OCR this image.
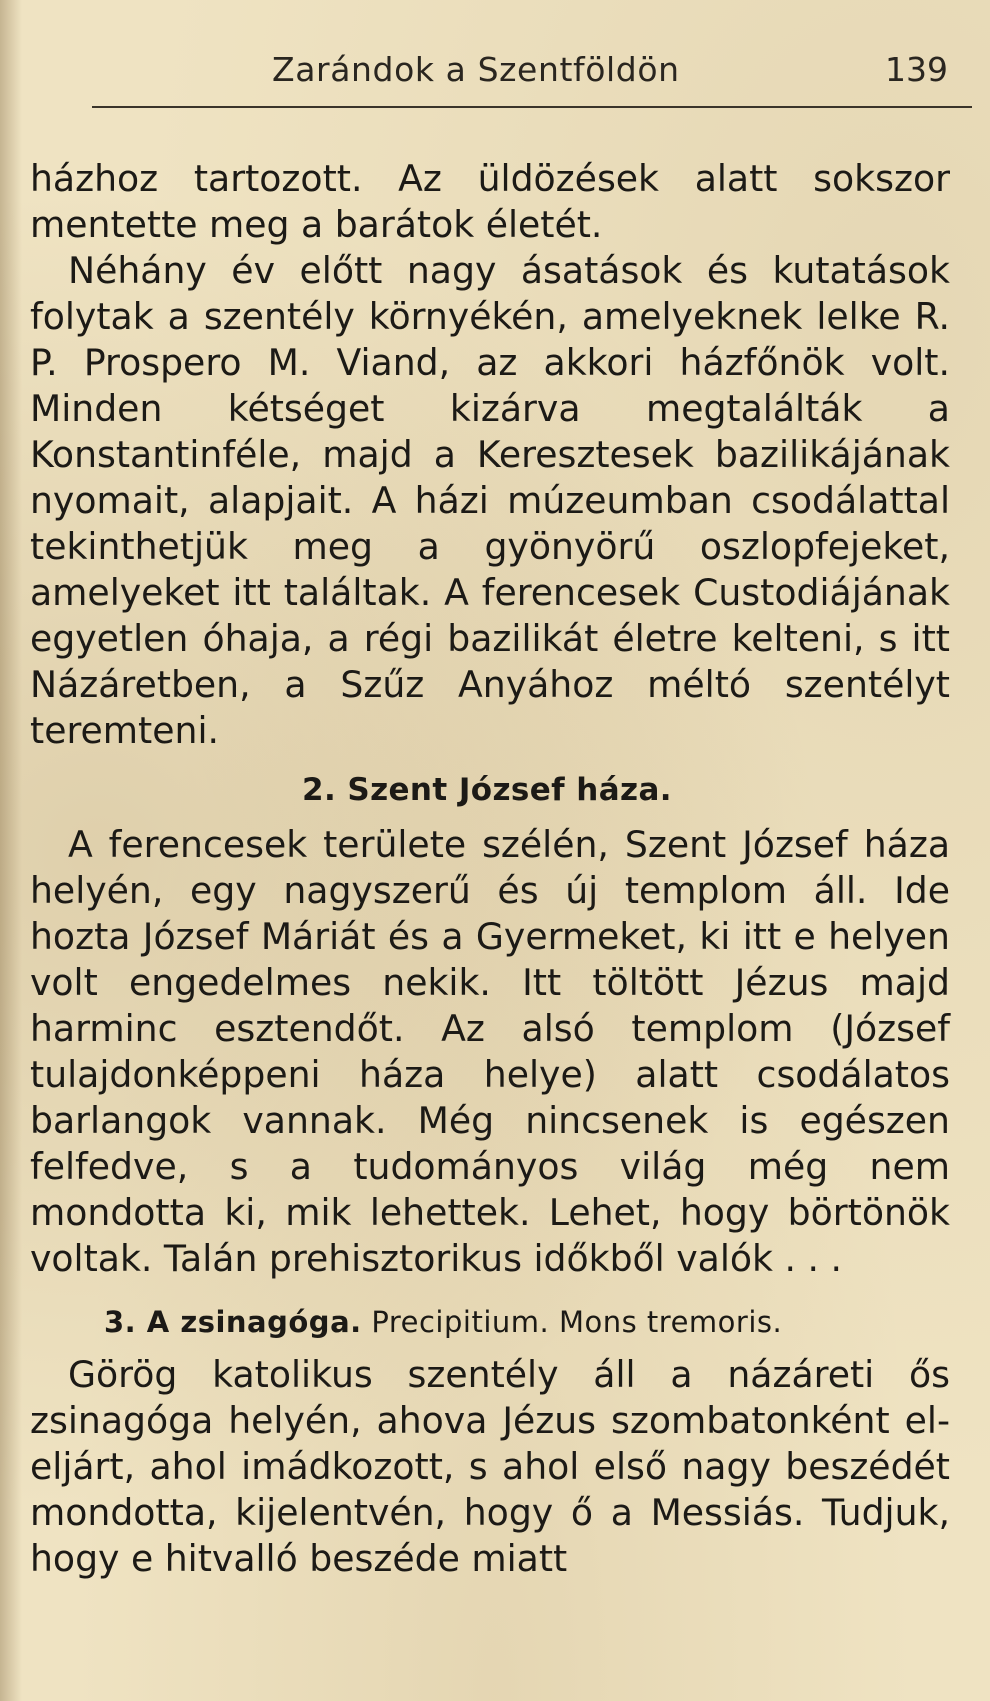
Zarándok a Szentföldön	139

házhoz tartozott. Az üldözések alatt sokszor mentette meg a barátok életét.

Néhány év előtt nagy ásatások és kutatások folytak a szentély környékén, amelyeknek lelke R. P. Prospero M. Viand, az akkori házfőnök volt. Minden kétséget kizárva megtalálták a Konstantinféle, majd a Keresztesek bazilikájának nyomait, alapjait. A házi múzeumban csodálattal tekinthetjük meg a gyönyörű oszlopfejeket, amelyeket itt találtak. A ferencesek Custodiájának egyetlen óhaja, a régi bazilikát életre kelteni, s itt Názáretben, a Szűz Anyához méltó szentélyt teremteni.

2. Szent József háza.

A ferencesek területe szélén, Szent József háza helyén, egy nagyszerű és új templom áll. Ide hozta József Máriát és a Gyermeket, ki itt e helyen volt engedelmes nekik. Itt töltött Jézus majd harminc esztendőt. Az alsó templom (József tulajdonképpeni háza helye) alatt csodálatos barlangok vannak. Még nincsenek is egészen felfedve, s a tudományos világ még nem mondotta ki, mik lehettek. Lehet, hogy börtönök voltak. Talán prehisztorikus időkből valók . . .

3. A zsinagóga. Precipitium. Mons tremoris.

Görög katolikus szentély áll a názáreti ős zsinagóga helyén, ahova Jézus szombatonként el-eljárt, ahol imádkozott, s ahol első nagy beszédét mondotta, kijelentvén, hogy ő a Messiás. Tudjuk, hogy e hitvalló beszéde miatt
